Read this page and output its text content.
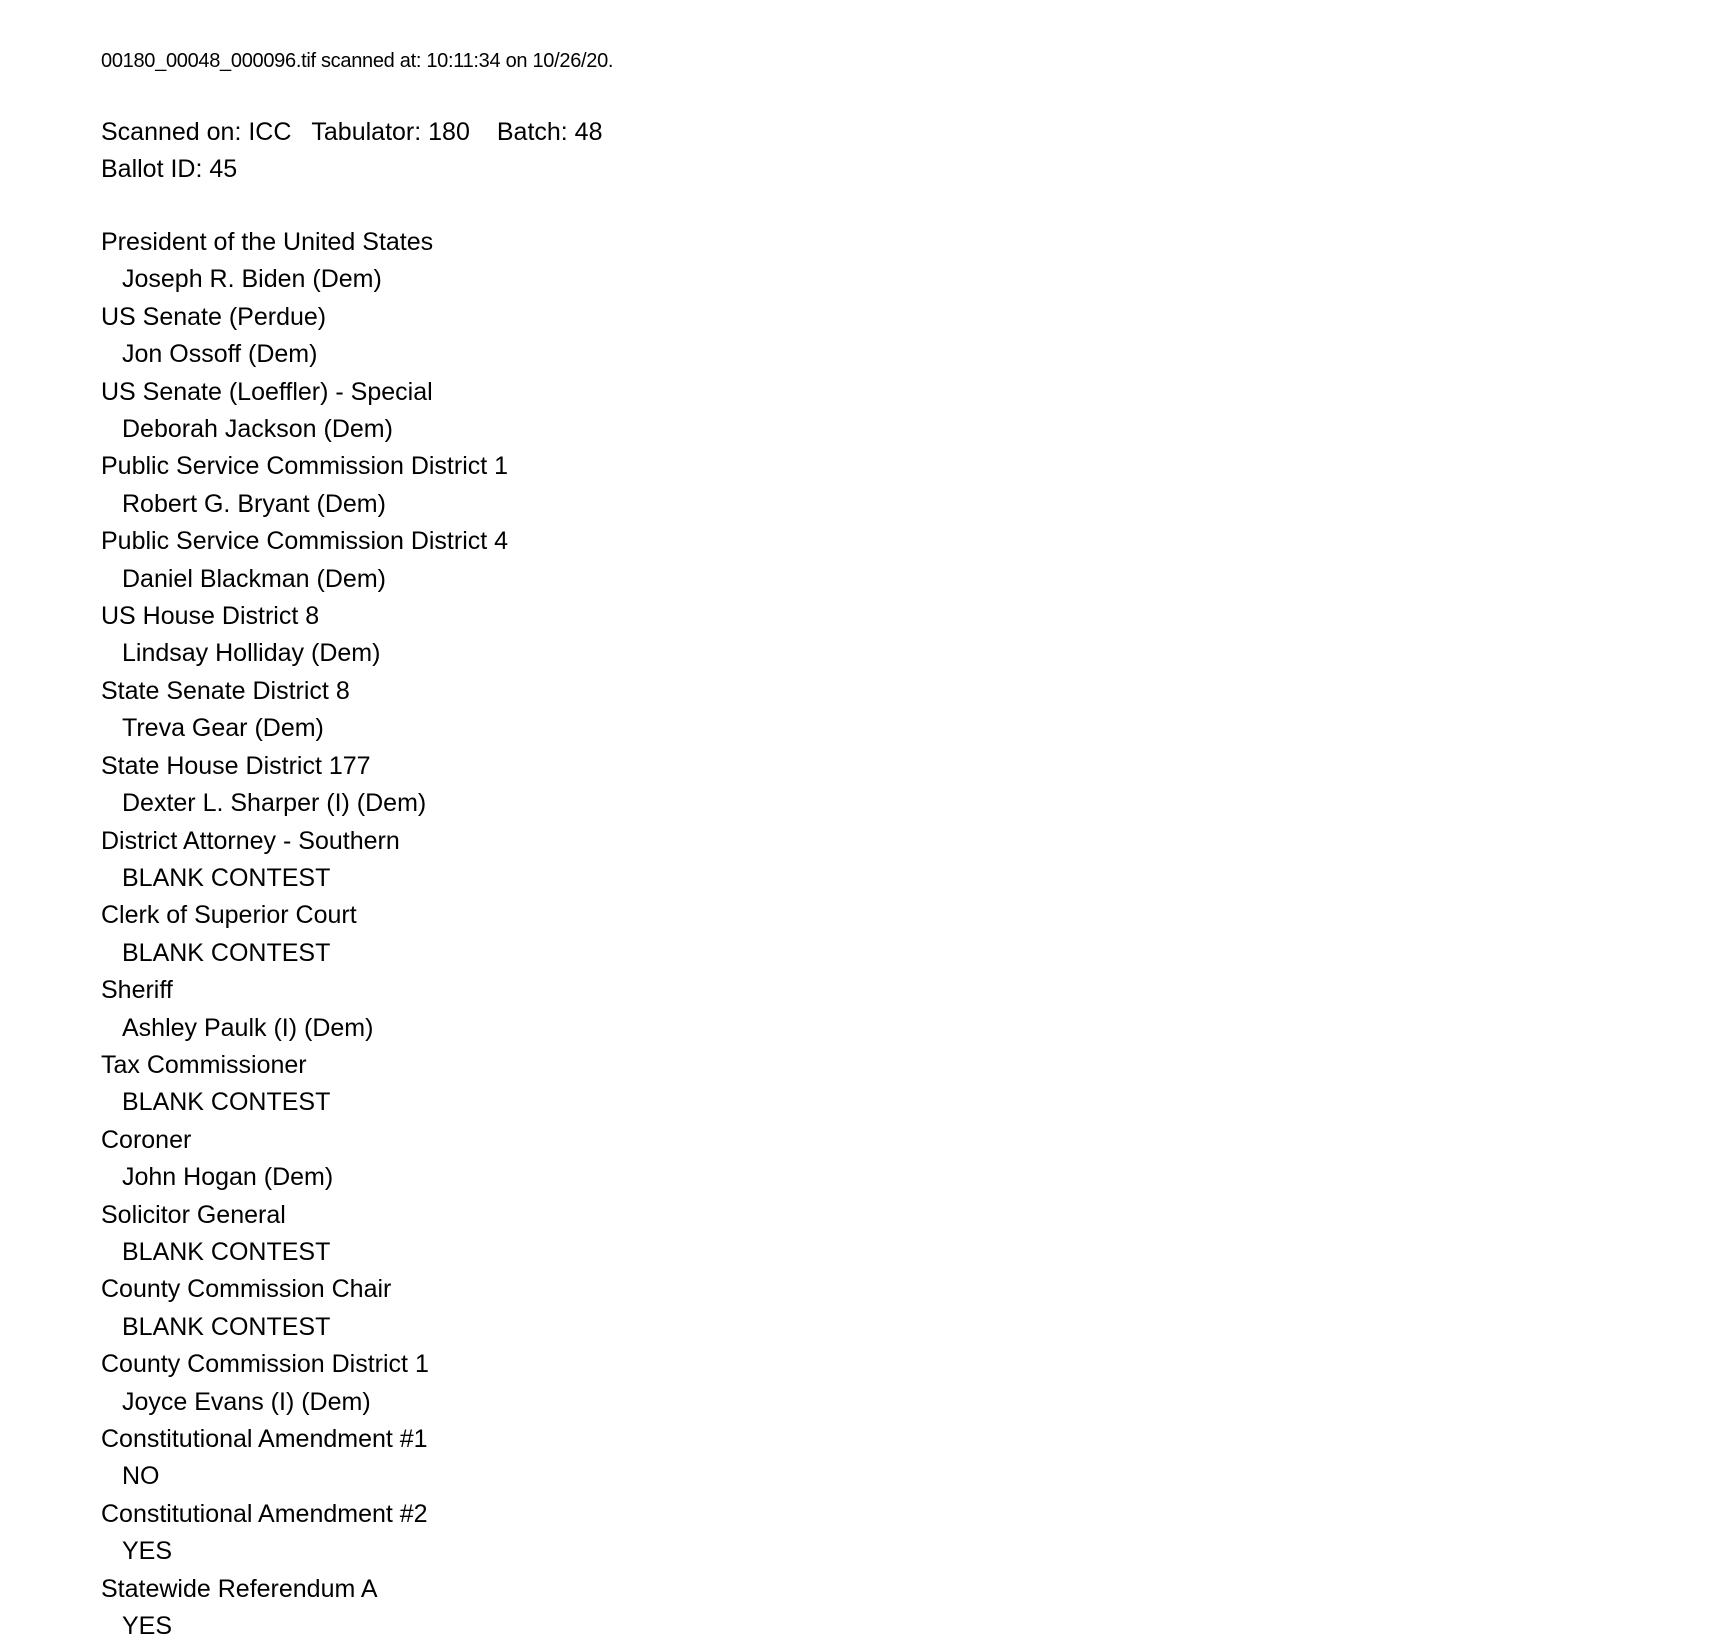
00180_00048_000096.tif scanned at: 10:11:34 on 10/26/20.
Scanned on: ICC Tabulator: 180 Batch: 48
Ballot ID: 45
President of the United States
Joseph R. Biden (Dem)
US Senate (Perdue)
Jon Ossoff (Dem)
US Senate (Loeffler) - Special
Deborah Jackson (Dem)
Public Service Commission District 1
Robert G. Bryant (Dem)
Public Service Commission District 4
Daniel Blackman (Dem)
US House District 8
Lindsay Holliday (Dem)
State Senate District 8
Treva Gear (Dem)
State House District 177
Dexter L. Sharper (I) (Dem)
District Attorney - Southern
BLANK CONTEST
Clerk of Superior Court
BLANK CONTEST
Sheriff
Ashley Paulk (I) (Dem)
Tax Commissioner
BLANK CONTEST
Coroner
John Hogan (Dem)
Solicitor General
BLANK CONTEST
County Commission Chair
BLANK CONTEST
County Commission District 1
Joyce Evans (I) (Dem)
Constitutional Amendment #1
NO
Constitutional Amendment #2
YES
Statewide Referendum A
YES
